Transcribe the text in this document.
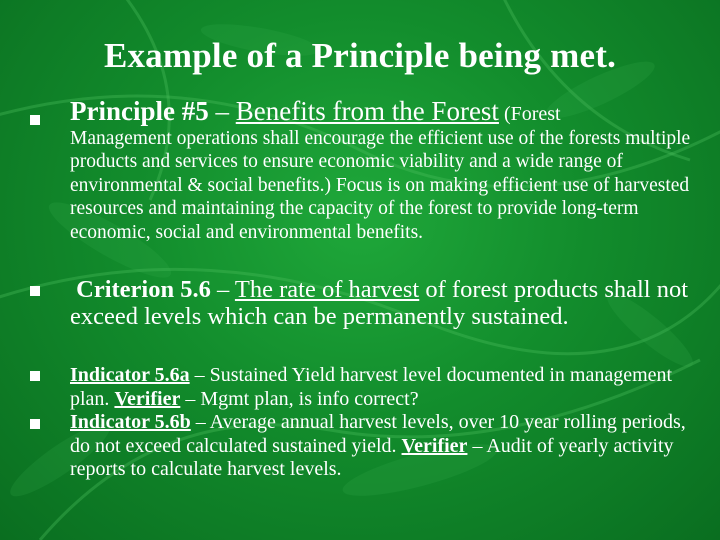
Example of a Principle being met.
Principle #5 – Benefits from the Forest (Forest
Management operations shall encourage the efficient use of the forests multiple products and services to ensure economic viability and a wide range of environmental & social benefits.) Focus is on making efficient use of harvested resources and maintaining the capacity of the forest to provide long-term economic, social and environmental benefits.
Criterion 5.6 – The rate of harvest of forest products shall not exceed levels which can be permanently sustained.
Indicator 5.6a – Sustained Yield harvest level documented in management plan. Verifier – Mgmt plan, is info correct?
Indicator 5.6b – Average annual harvest levels, over 10 year rolling periods, do not exceed calculated sustained yield. Verifier – Audit of yearly activity reports to calculate harvest levels.
